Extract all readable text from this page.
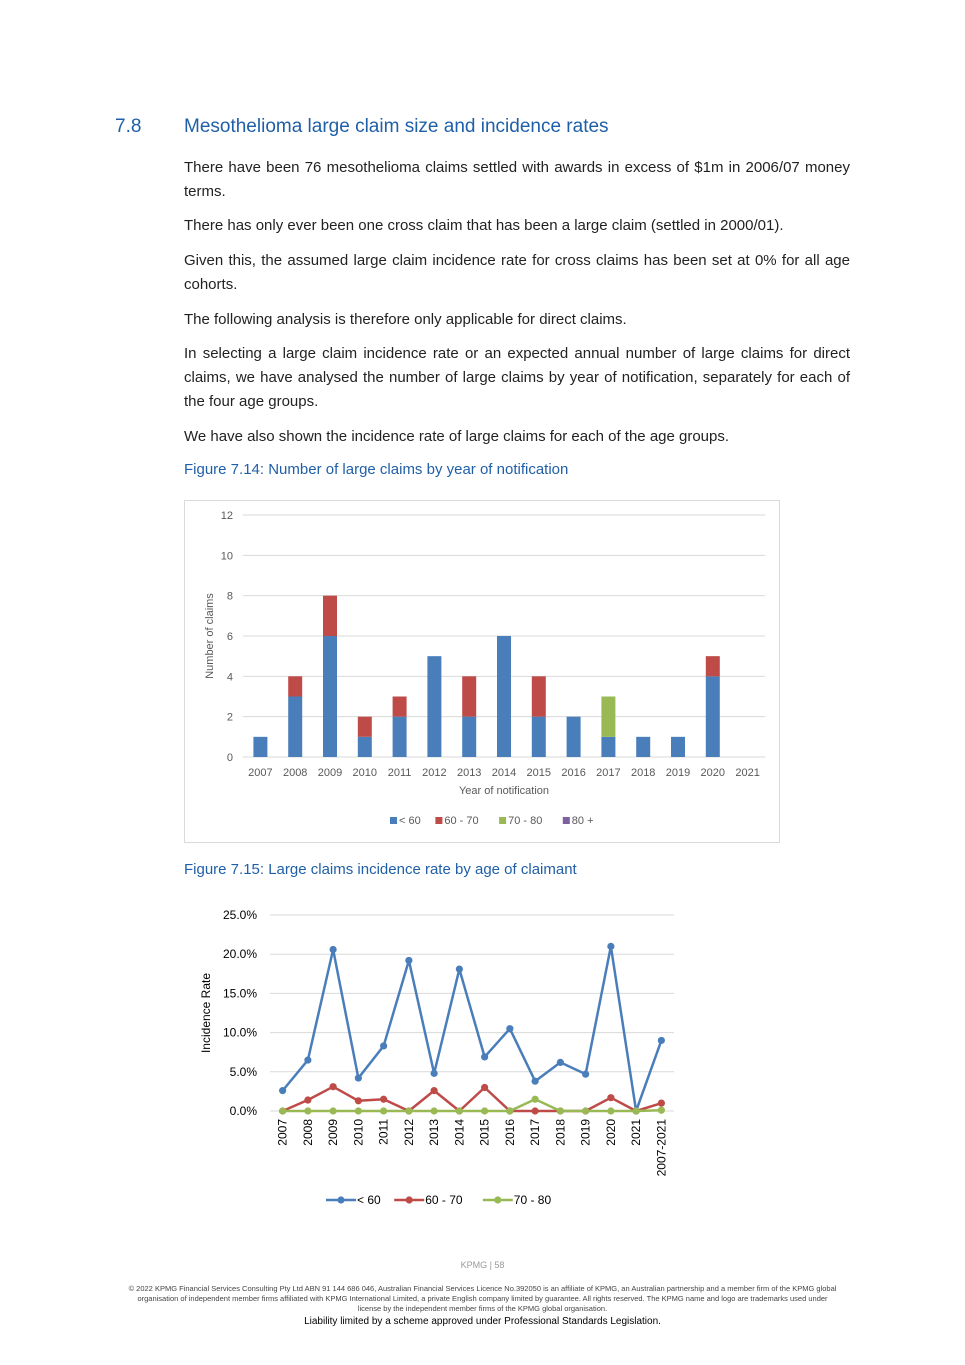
7.8 Mesothelioma large claim size and incidence rates

There have been 76 mesothelioma claims settled with awards in excess of $1m in 2006/07 money terms.

There has only ever been one cross claim that has been a large claim (settled in 2000/01).

Given this, the assumed large claim incidence rate for cross claims has been set at 0% for all age cohorts.

The following analysis is therefore only applicable for direct claims.

In selecting a large claim incidence rate or an expected annual number of large claims for direct claims, we have analysed the number of large claims by year of notification, separately for each of the four age groups.

We have also shown the incidence rate of large claims for each of the age groups.

Figure 7.14: Number of large claims by year of notification
0
2
4
6
8
10
12
2007 2008 2009 2010 2011 2012 2013 2014 2015 2016 2017 2018 2019 2020 2021
Year of notification
Number of claims
< 60 60 - 70	70 - 80	80 +
Figure 7.15: Large claims incidence rate by age of claimant
0.0%
5.0%
10.0%
15.0%
20.0%
25.0%
2007 2008 2009 2010 2011 2012 2013 2014 2015 2016 2017 2018 2019 2020 2021 2007-2021
Incidence Rate
< 60	60 - 70	70 - 80
KPMG | 58
© 2022 KPMG Financial Services Consulting Pty Ltd ABN 91 144 686 046, Australian Financial Services Licence No.392050 is an affiliate of KPMG, an Australian partnership and a member firm of the KPMG global organisation of independent member firms affiliated with KPMG International Limited, a private English company limited by guarantee. All rights reserved. The KPMG name and logo are trademarks used under license by the independent member firms of the KPMG global organisation.
Liability limited by a scheme approved under Professional Standards Legislation.
